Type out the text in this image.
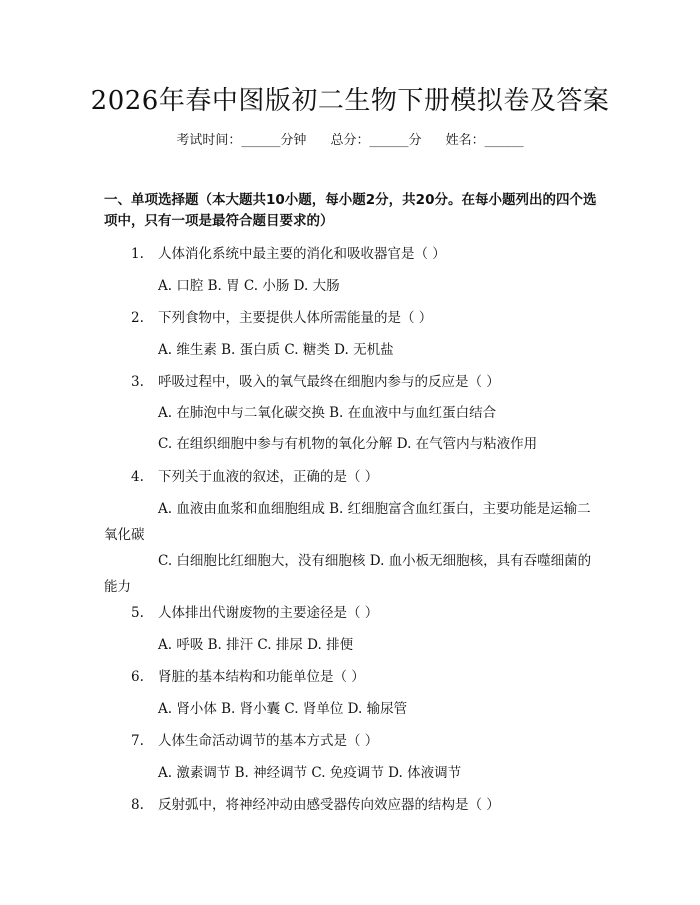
2026年春中图版初二生物下册模拟卷及答案
考试时间：______分钟 总分：______分 姓名：______
一、单项选择题（本大题共10小题，每小题2分，共20分。在每小题列出的四个选项中，只有一项是最符合题目要求的）
1. 人体消化系统中最主要的消化和吸收器官是（ ）
A. 口腔 B. 胃 C. 小肠 D. 大肠
2. 下列食物中，主要提供人体所需能量的是（ ）
A. 维生素 B. 蛋白质 C. 糖类 D. 无机盐
3. 呼吸过程中，吸入的氧气最终在细胞内参与的反应是（ ）
A. 在肺泡中与二氧化碳交换 B. 在血液中与血红蛋白结合
C. 在组织细胞中参与有机物的氧化分解 D. 在气管内与粘液作用
4. 下列关于血液的叙述，正确的是（ ）
A. 血液由血浆和血细胞组成 B. 红细胞富含血红蛋白，主要功能是运输二氧化碳
C. 白细胞比红细胞大，没有细胞核 D. 血小板无细胞核，具有吞噬细菌的能力
5. 人体排出代谢废物的主要途径是（ ）
A. 呼吸 B. 排汗 C. 排尿 D. 排便
6. 肾脏的基本结构和功能单位是（ ）
A. 肾小体 B. 肾小囊 C. 肾单位 D. 输尿管
7. 人体生命活动调节的基本方式是（ ）
A. 激素调节 B. 神经调节 C. 免疫调节 D. 体液调节
8. 反射弧中，将神经冲动由感受器传向效应器的结构是（ ）
